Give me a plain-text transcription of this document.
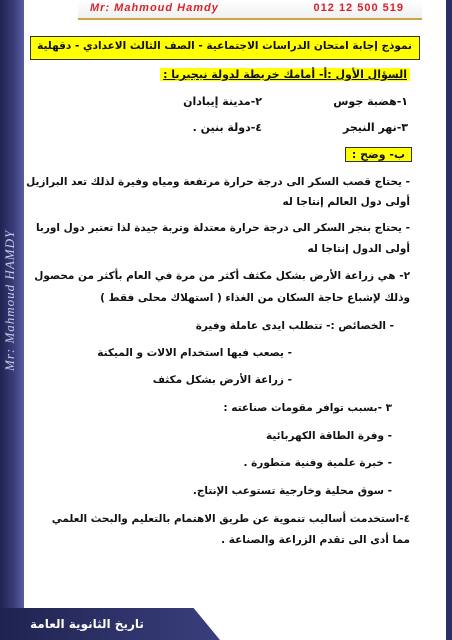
Mr: Mahmoud Hamdy	012 12 500 519
Mr: Mahmoud HAMDY
نموذج إجابة امتحان الدراسات الاجتماعية - الصف الثالث الاعدادي - دقهلية
السؤال الأول :أ- أمامك خريطة لدولة نيجيريا :
١-هضبة جوس
٢-مدينة إيبادان
٣-نهر النيجر
٤-دولة بنين .
ب- وضح :
- يحتاج قصب السكر الى درجة حرارة مرتفعة ومياه وفيرة لذلك تعد البرازيل
أولى دول العالم إنتاجا له
- يحتاج بنجر السكر الى درجة حرارة معتدلة وتربة جيدة لذا تعتبر دول اوربا
أولى الدول إنتاجا له
٢- هي زراعة الأرض بشكل مكثف أكثر من مرة في العام بأكثر من محصول
وذلك لإشباع حاجة السكان من الغذاء ( استهلاك محلى فقط )
- الخصائص :- تتطلب ايدى عاملة وفيرة
- يصعب فيها استخدام الالات و الميكنة
- زراعة الأرض بشكل مكثف
٣ -بسبب توافر مقومات صناعته :
- وفرة الطاقة الكهربائية
- خبرة علمية وفنية متطورة .
- سوق محلية وخارجية تستوعب الإنتاج.
٤-استخدمت أساليب تنموية عن طريق الاهتمام بالتعليم والبحث العلمي
مما أدى الى تقدم الزراعة والصناعة .
تاريخ الثانوية العامة
